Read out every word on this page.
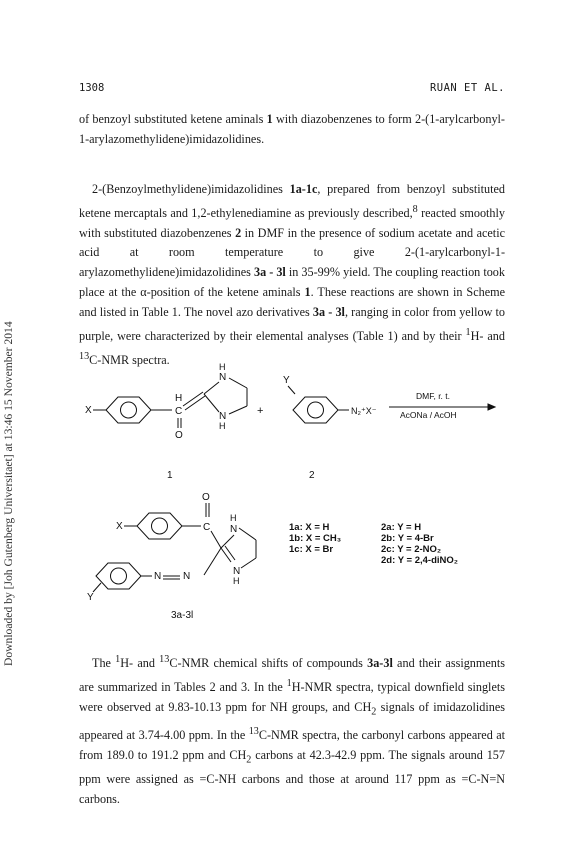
1308	RUAN ET AL.
Downloaded by [Joh Gutenberg Universitaet] at 13:46 15 November 2014

of benzoyl substituted ketene aminals 1 with diazobenzenes to form 2-(1-arylcarbonyl-1-arylazomethylidene)imidazolidines.

2-(Benzoylmethylidene)imidazolidines 1a-1c, prepared from benzoyl substituted ketene mercaptals and 1,2-ethylenediamine as previously described,$^8$ reacted smoothly with substituted diazobenzenes 2 in DMF in the presence of sodium acetate and acetic acid at room temperature to give 2-(1-arylcarbonyl-1-arylazomethylidene)imidazolidines 3a - 3l in 35-99% yield. The coupling reaction took place at the α-position of the ketene aminals 1. These reactions are shown in Scheme and listed in Table 1. The novel azo derivatives 3a - 3l, ranging in color from yellow to purple, were characterized by their elemental analyses (Table 1) and by their $^1$H- and $^{13}$C-NMR spectra.

X	C
O
H
N
H
N
H
1
+
Y
N₂⁺X⁻
2
DMF, r. t.
AcONa / AcOH
X	C
O
N
H
N
H
N
N
Y
3a-3l
1a: X = H
1b: X = CH₃
1c: X = Br
2a: Y = H
2b: Y = 4-Br
2c: Y = 2-NO₂
2d: Y = 2,4-diNO₂

The $^1$H- and $^{13}$C-NMR chemical shifts of compounds 3a-3l and their assignments are summarized in Tables 2 and 3. In the $^1$H-NMR spectra, typical downfield singlets were observed at 9.83-10.13 ppm for NH groups, and $CH_2$ signals of imidazolidines appeared at 3.74-4.00 ppm. In the $^{13}$C-NMR spectra, the carbonyl carbons appeared at from 189.0 to 191.2 ppm and $CH_2$ carbons at 42.3-42.9 ppm. The signals around 157 ppm were assigned as =C-NH carbons and those at around 117 ppm as =C-N=N carbons.
